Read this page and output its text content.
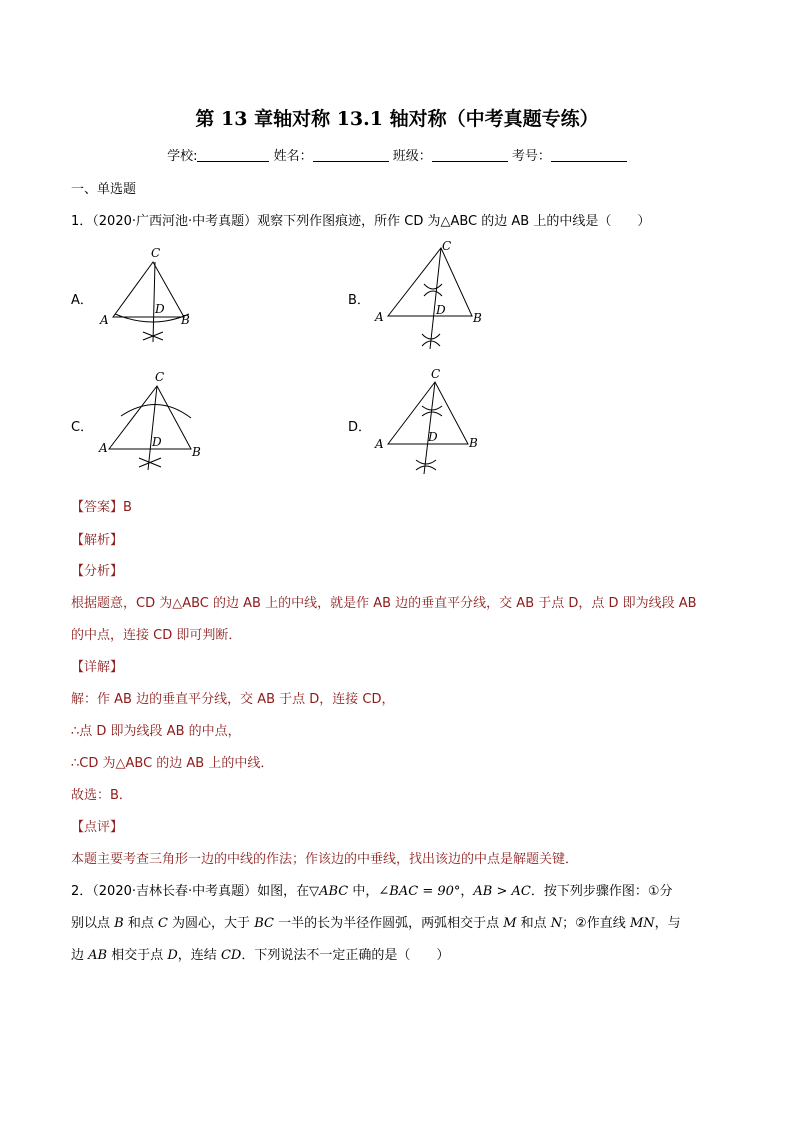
第 13 章轴对称 13.1 轴对称（中考真题专练）
学校:	姓名：	班级：	考号：
一、单选题
1．（2020·广西河池·中考真题）观察下列作图痕迹，所作 CD 为△ABC 的边 AB 上的中线是（　　）
A．
C
A	B
D
B．
C
A	B
D
C．
C
A	B
D
D．
C
A	B
D
【答案】B
【解析】
【分析】
根据题意，CD 为△ABC 的边 AB 上的中线，就是作 AB 边的垂直平分线，交 AB 于点 D，点 D 即为线段 AB
的中点，连接 CD 即可判断．
【详解】
解：作 AB 边的垂直平分线，交 AB 于点 D，连接 CD，
∴点 D 即为线段 AB 的中点，
∴CD 为△ABC 的边 AB 上的中线．
故选：B．
【点评】
本题主要考查三角形一边的中线的作法；作该边的中垂线，找出该边的中点是解题关键．
2．（2020·吉林长春·中考真题）如图，在▽ABC 中，∠BAC = 90°，AB > AC．按下列步骤作图：①分
别以点 B 和点 C 为圆心，大于 BC 一半的长为半径作圆弧，两弧相交于点 M 和点 N；②作直线 MN，与
边 AB 相交于点 D，连结 CD．下列说法不一定正确的是（　　）
